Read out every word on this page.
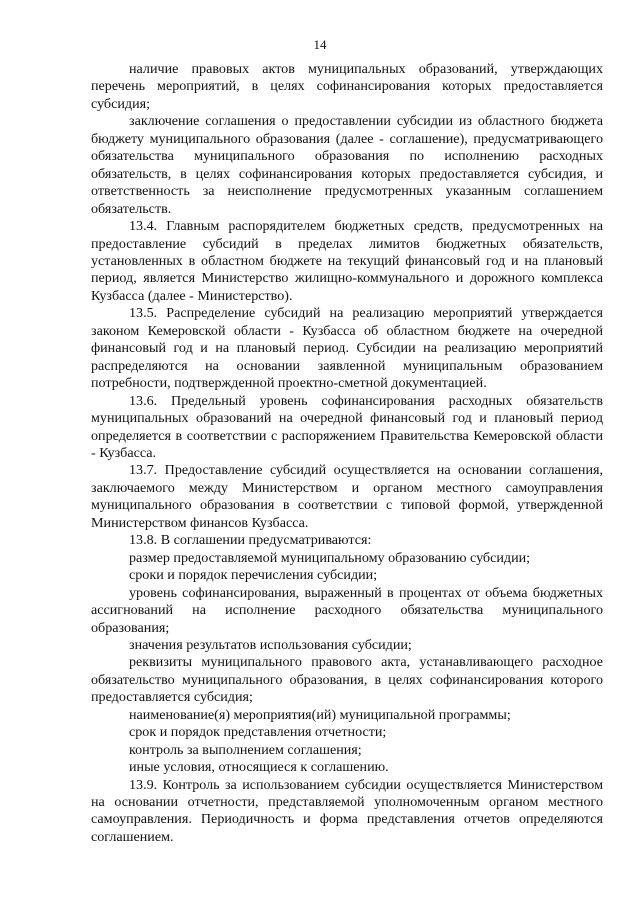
14

наличие правовых актов муниципальных образований, утверждающих перечень мероприятий, в целях софинансирования которых предоставляется субсидия;

заключение соглашения о предоставлении субсидии из областного бюджета бюджету муниципального образования (далее - соглашение), предусматривающего обязательства муниципального образования по исполнению расходных обязательств, в целях софинансирования которых предоставляется субсидия, и ответственность за неисполнение предусмотренных указанным соглашением обязательств.

13.4. Главным распорядителем бюджетных средств, предусмотренных на предоставление субсидий в пределах лимитов бюджетных обязательств, установленных в областном бюджете на текущий финансовый год и на плановый период, является Министерство жилищно-коммунального и дорожного комплекса Кузбасса (далее - Министерство).

13.5. Распределение субсидий на реализацию мероприятий утверждается законом Кемеровской области - Кузбасса об областном бюджете на очередной финансовый год и на плановый период. Субсидии на реализацию мероприятий распределяются на основании заявленной муниципальным образованием потребности, подтвержденной проектно-сметной документацией.

13.6. Предельный уровень софинансирования расходных обязательств муниципальных образований на очередной финансовый год и плановый период определяется в соответствии с распоряжением Правительства Кемеровской области - Кузбасса.

13.7. Предоставление субсидий осуществляется на основании соглашения, заключаемого между Министерством и органом местного самоуправления муниципального образования в соответствии с типовой формой, утвержденной Министерством финансов Кузбасса.

13.8. В соглашении предусматриваются:

размер предоставляемой муниципальному образованию субсидии;

сроки и порядок перечисления субсидии;

уровень софинансирования, выраженный в процентах от объема бюджетных ассигнований на исполнение расходного обязательства муниципального образования;

значения результатов использования субсидии;

реквизиты муниципального правового акта, устанавливающего расходное обязательство муниципального образования, в целях софинансирования которого предоставляется субсидия;

наименование(я) мероприятия(ий) муниципальной программы;

срок и порядок представления отчетности;

контроль за выполнением соглашения;

иные условия, относящиеся к соглашению.

13.9. Контроль за использованием субсидии осуществляется Министерством на основании отчетности, представляемой уполномоченным органом местного самоуправления. Периодичность и форма представления отчетов определяются соглашением.
